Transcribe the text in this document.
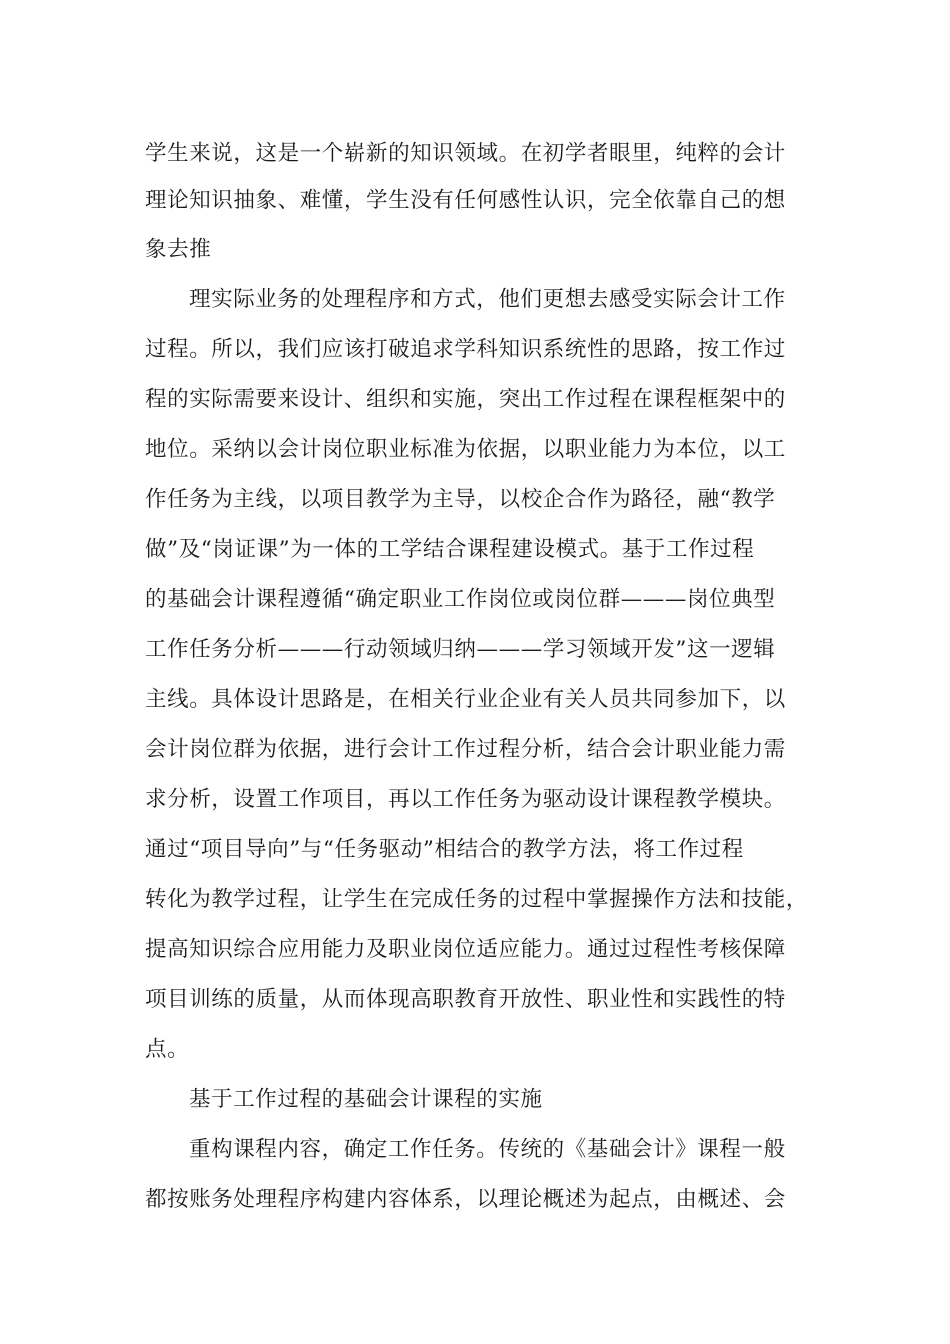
学生来说，这是一个崭新的知识领域。在初学者眼里，纯粹的会计
理论知识抽象、难懂，学生没有任何感性认识，完全依靠自己的想
象去推
理实际业务的处理程序和方式，他们更想去感受实际会计工作
过程。所以，我们应该打破追求学科知识系统性的思路，按工作过
程的实际需要来设计、组织和实施，突出工作过程在课程框架中的
地位。采纳以会计岗位职业标准为依据，以职业能力为本位，以工
作任务为主线，以项目教学为主导，以校企合作为路径，融“教学
做”及“岗证课”为一体的工学结合课程建设模式。基于工作过程
的基础会计课程遵循“确定职业工作岗位或岗位群———岗位典型
工作任务分析———行动领域归纳———学习领域开发”这一逻辑
主线。具体设计思路是，在相关行业企业有关人员共同参加下，以
会计岗位群为依据，进行会计工作过程分析，结合会计职业能力需
求分析，设置工作项目，再以工作任务为驱动设计课程教学模块。
通过“项目导向”与“任务驱动”相结合的教学方法，将工作过程
转化为教学过程，让学生在完成任务的过程中掌握操作方法和技能，
提高知识综合应用能力及职业岗位适应能力。通过过程性考核保障
项目训练的质量，从而体现高职教育开放性、职业性和实践性的特
点。
基于工作过程的基础会计课程的实施
重构课程内容，确定工作任务。传统的《基础会计》课程一般
都按账务处理程序构建内容体系，以理论概述为起点，由概述、会
